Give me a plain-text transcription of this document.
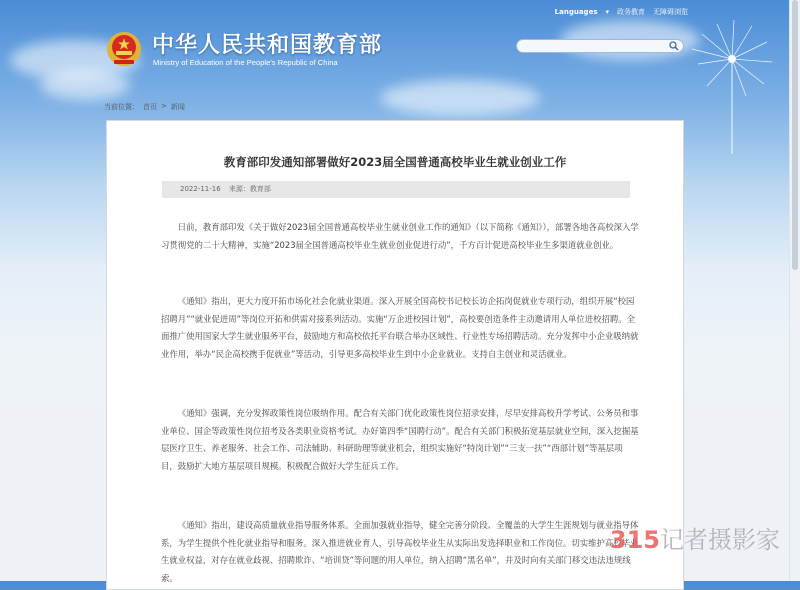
Languages ▾ 政务教育 无障碍浏览
中华人民共和国教育部
Ministry of Education of the People's Republic of China
当前位置： 首页 > 新闻
教育部印发通知部署做好2023届全国普通高校毕业生就业创业工作
2022-11-16 来源：教育部

日前，教育部印发《关于做好2023届全国普通高校毕业生就业创业工作的通知》（以下简称《通知》），部署各地各高校深入学习贯彻党的二十大精神，实施“2023届全国普通高校毕业生就业创业促进行动”，千方百计促进高校毕业生多渠道就业创业。

《通知》指出，更大力度开拓市场化社会化就业渠道。深入开展全国高校书记校长访企拓岗促就业专项行动，组织开展“校园招聘月”“就业促进周”等岗位开拓和供需对接系列活动。实施“万企进校园计划”，高校要创造条件主动邀请用人单位进校招聘。全面推广使用国家大学生就业服务平台，鼓励地方和高校依托平台联合举办区域性、行业性专场招聘活动。充分发挥中小企业吸纳就业作用，举办“民企高校携手促就业”等活动，引导更多高校毕业生到中小企业就业。支持自主创业和灵活就业。

《通知》强调，充分发挥政策性岗位吸纳作用。配合有关部门优化政策性岗位招录安排，尽早安排高校升学考试、公务员和事业单位、国企等政策性岗位招考及各类职业资格考试。办好第四季“国聘行动”。配合有关部门积极拓宽基层就业空间，深入挖掘基层医疗卫生、养老服务、社会工作、司法辅助、科研助理等就业机会，组织实施好“特岗计划”“三支一扶”“西部计划”等基层项目，鼓励扩大地方基层项目规模。积极配合做好大学生征兵工作。

《通知》指出，建设高质量就业指导服务体系。全面加强就业指导，健全完善分阶段、全覆盖的大学生生涯规划与就业指导体系，为学生提供个性化就业指导和服务。深入推进就业育人，引导高校毕业生从实际出发选择职业和工作岗位。切实维护高校毕业生就业权益，对存在就业歧视、招聘欺诈、“培训贷”等问题的用人单位，纳入招聘“黑名单”，并及时向有关部门移交违法违规线索。

315记者摄影家
